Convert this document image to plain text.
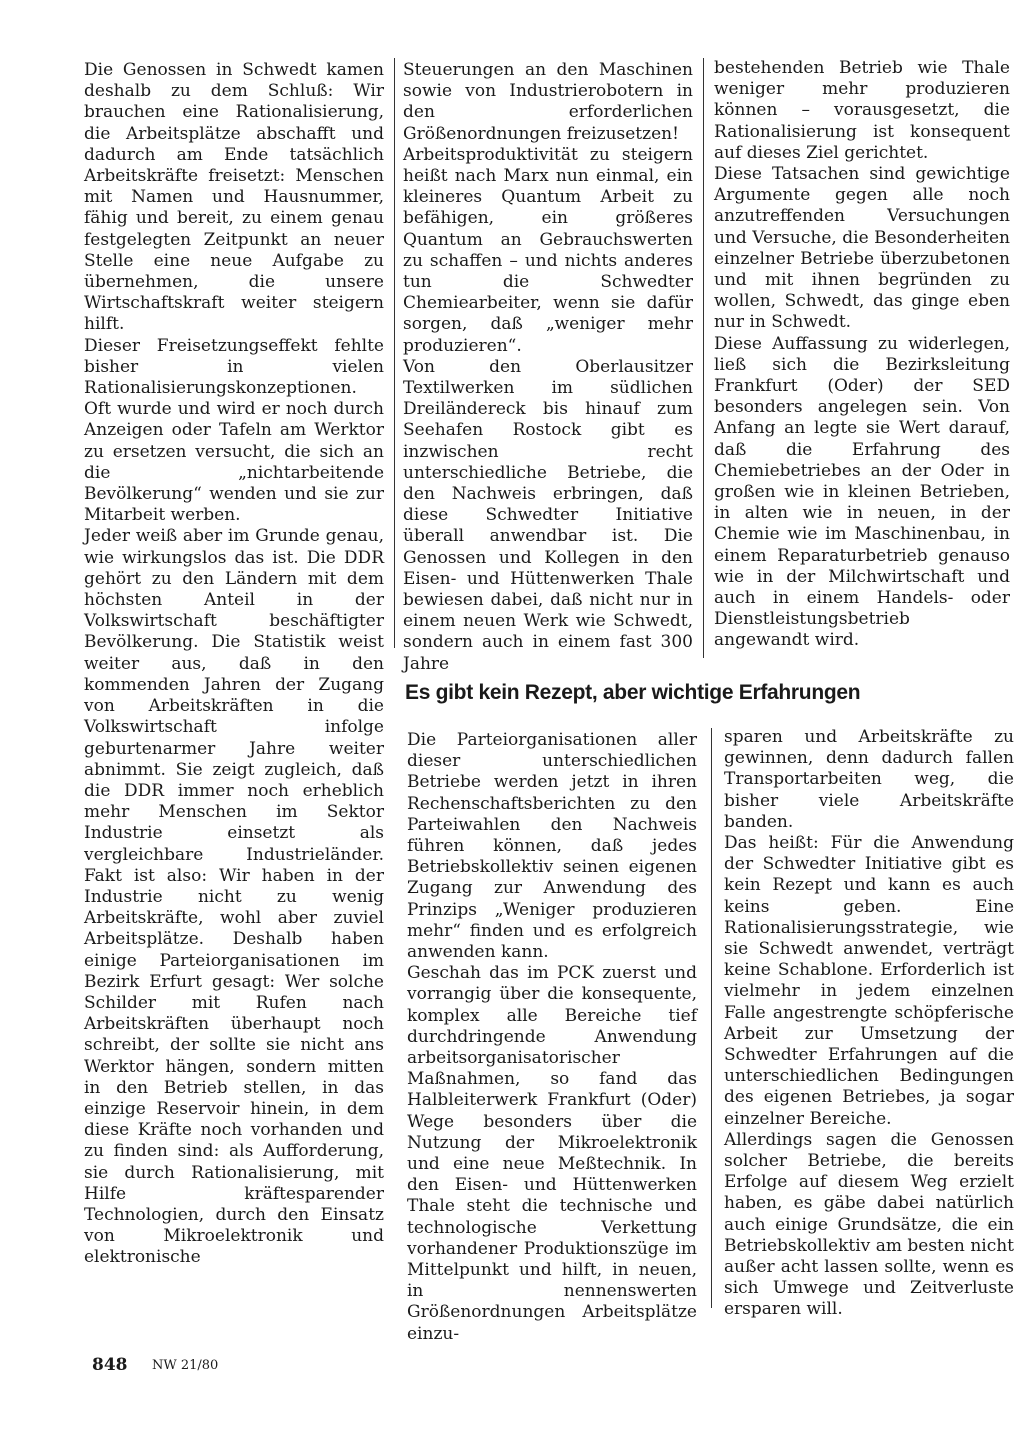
Die Genossen in Schwedt kamen deshalb zu dem Schluß: Wir brauchen eine Rationalisierung, die Arbeitsplätze abschafft und dadurch am Ende tatsächlich Arbeitskräfte freisetzt: Menschen mit Namen und Hausnummer, fähig und bereit, zu einem genau festgelegten Zeitpunkt an neuer Stelle eine neue Aufgabe zu übernehmen, die unsere Wirtschaftskraft weiter steigern hilft.

Dieser Freisetzungseffekt fehlte bisher in vielen Rationalisierungskonzeptionen.

Oft wurde und wird er noch durch Anzeigen oder Tafeln am Werktor zu ersetzen versucht, die sich an die „nichtarbeitende Bevölkerung“ wenden und sie zur Mitarbeit werben.

Jeder weiß aber im Grunde genau, wie wirkungslos das ist. Die DDR gehört zu den Ländern mit dem höchsten Anteil in der Volkswirtschaft beschäftigter Bevölkerung. Die Statistik weist weiter aus, daß in den kommenden Jahren der Zugang von Arbeitskräften in die Volkswirtschaft infolge geburtenarmer Jahre weiter abnimmt. Sie zeigt zugleich, daß die DDR immer noch erheblich mehr Menschen im Sektor Industrie einsetzt als vergleichbare Industrieländer. Fakt ist also: Wir haben in der Industrie nicht zu wenig Arbeitskräfte, wohl aber zuviel Arbeitsplätze. Deshalb haben einige Parteiorganisationen im Bezirk Erfurt gesagt: Wer solche Schilder mit Rufen nach Arbeitskräften überhaupt noch schreibt, der sollte sie nicht ans Werktor hängen, sondern mitten in den Betrieb stellen, in das einzige Reservoir hinein, in dem diese Kräfte noch vorhanden und zu finden sind: als Aufforderung, sie durch Rationalisierung, mit Hilfe kräftesparender Technologien, durch den Einsatz von Mikroelektronik und elektronische

Steuerungen an den Maschinen sowie von Industrierobotern in den erforderlichen Größenordnungen freizusetzen!

Arbeitsproduktivität zu steigern heißt nach Marx nun einmal, ein kleineres Quantum Arbeit zu befähigen, ein größeres Quantum an Gebrauchswerten zu schaffen – und nichts anderes tun die Schwedter Chemiearbeiter, wenn sie dafür sorgen, daß „weniger mehr produzieren“.

Von den Oberlausitzer Textilwerken im südlichen Dreiländereck bis hinauf zum Seehafen Rostock gibt es inzwischen recht unterschiedliche Betriebe, die den Nachweis erbringen, daß diese Schwedter Initiative überall anwendbar ist. Die Genossen und Kollegen in den Eisen- und Hüttenwerken Thale bewiesen dabei, daß nicht nur in einem neuen Werk wie Schwedt, sondern auch in einem fast 300 Jahre

bestehenden Betrieb wie Thale weniger mehr produzieren können – vorausgesetzt, die Rationalisierung ist konsequent auf dieses Ziel gerichtet.

Diese Tatsachen sind gewichtige Argumente gegen alle noch anzutreffenden Versuchungen und Versuche, die Besonderheiten einzelner Betriebe überzubetonen und mit ihnen begründen zu wollen, Schwedt, das ginge eben nur in Schwedt.

Diese Auffassung zu widerlegen, ließ sich die Bezirksleitung Frankfurt (Oder) der SED besonders angelegen sein. Von Anfang an legte sie Wert darauf, daß die Erfahrung des Chemiebetriebes an der Oder in großen wie in kleinen Betrieben, in alten wie in neuen, in der Chemie wie im Maschinenbau, in einem Reparaturbetrieb genauso wie in der Milchwirtschaft und auch in einem Handels- oder Dienstleistungsbetrieb angewandt wird.

Es gibt kein Rezept, aber wichtige Erfahrungen

Die Parteiorganisationen aller dieser unterschiedlichen Betriebe werden jetzt in ihren Rechenschaftsberichten zu den Parteiwahlen den Nachweis führen können, daß jedes Betriebskollektiv seinen eigenen Zugang zur Anwendung des Prinzips „Weniger produzieren mehr“ finden und es erfolgreich anwenden kann.

Geschah das im PCK zuerst und vorrangig über die konsequente, komplex alle Bereiche tief durchdringende Anwendung arbeitsorganisatorischer Maßnahmen, so fand das Halbleiterwerk Frankfurt (Oder) Wege besonders über die Nutzung der Mikroelektronik und eine neue Meßtechnik. In den Eisen- und Hüttenwerken Thale steht die technische und technologische Verkettung vorhandener Produktionszüge im Mittelpunkt und hilft, in neuen, in nennenswerten Größenordnungen Arbeitsplätze einzu-

sparen und Arbeitskräfte zu gewinnen, denn dadurch fallen Transportarbeiten weg, die bisher viele Arbeitskräfte banden.

Das heißt: Für die Anwendung der Schwedter Initiative gibt es kein Rezept und kann es auch keins geben. Eine Rationalisierungsstrategie, wie sie Schwedt anwendet, verträgt keine Schablone. Erforderlich ist vielmehr in jedem einzelnen Falle angestrengte schöpferische Arbeit zur Umsetzung der Schwedter Erfahrungen auf die unterschiedlichen Bedingungen des eigenen Betriebes, ja sogar einzelner Bereiche.

Allerdings sagen die Genossen solcher Betriebe, die bereits Erfolge auf diesem Weg erzielt haben, es gäbe dabei natürlich auch einige Grundsätze, die ein Betriebskollektiv am besten nicht außer acht lassen sollte, wenn es sich Umwege und Zeitverluste ersparen will.

848 NW 21/80
